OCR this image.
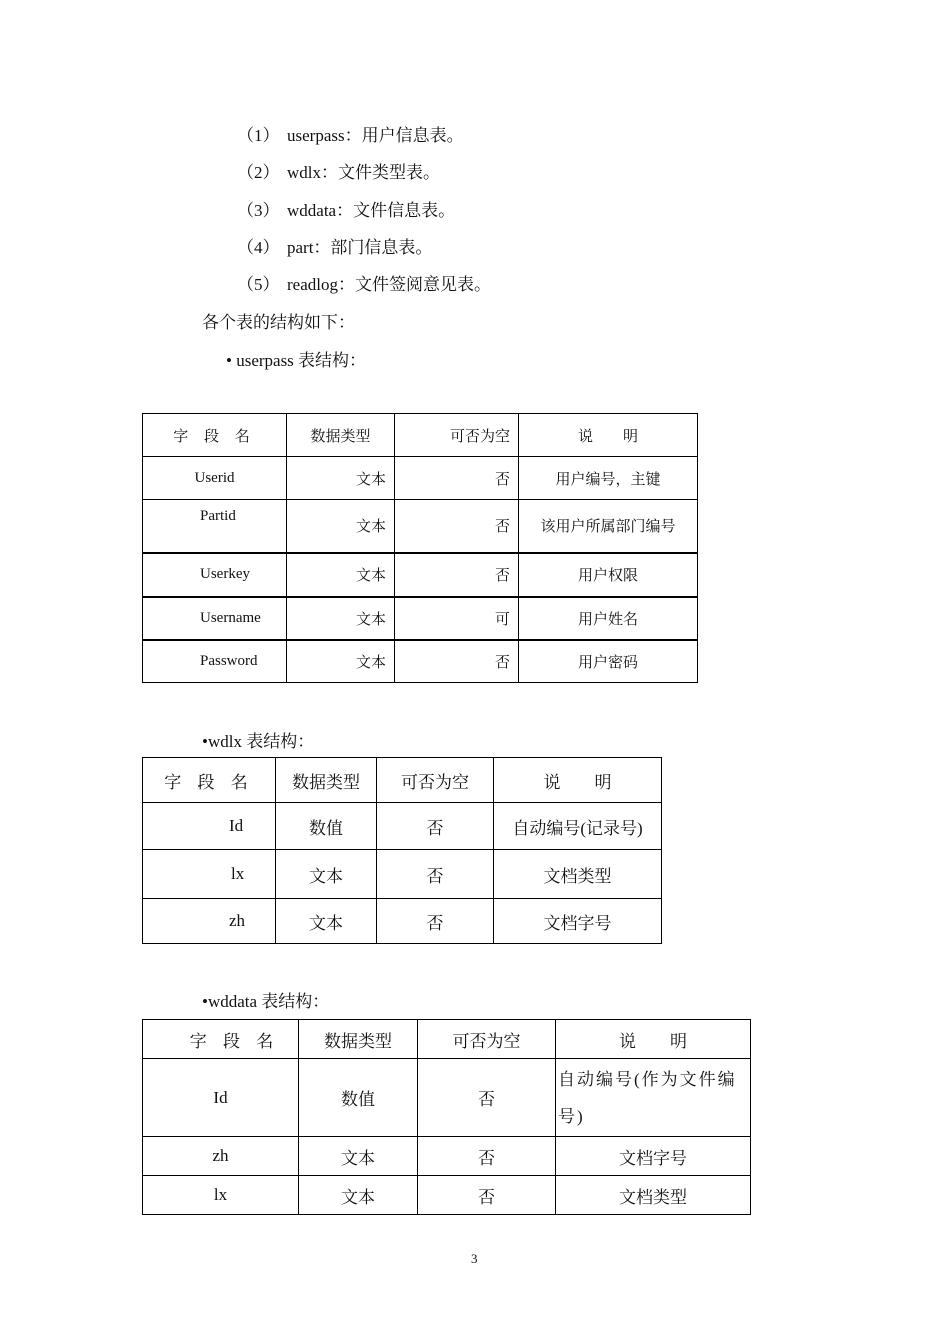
（1） userpass：用户信息表。
（2） wdlx：文件类型表。
（3） wddata：文件信息表。
（4） part：部门信息表。
（5） readlog：文件签阅意见表。
各个表的结构如下：
• userpass 表结构：
字 段 名	数据类型	可否为空	说　　明
Userid	文本	否	用户编号，主键
Partid	文本	否	该用户所属部门编号
Userkey	文本	否	用户权限
Username	文本	可	用户姓名
Password	文本	否	用户密码
•wdlx 表结构：
字 段 名	数据类型	可否为空	说　　明
Id	数值	否	自动编号(记录号)
lx	文本	否	文档类型
zh	文本	否	文档字号
•wddata 表结构：
字 段 名	数据类型	可否为空	说　　明
Id	数值	否	自动编号(作为文件编号)
zh	文本	否	文档字号
lx	文本	否	文档类型
3
